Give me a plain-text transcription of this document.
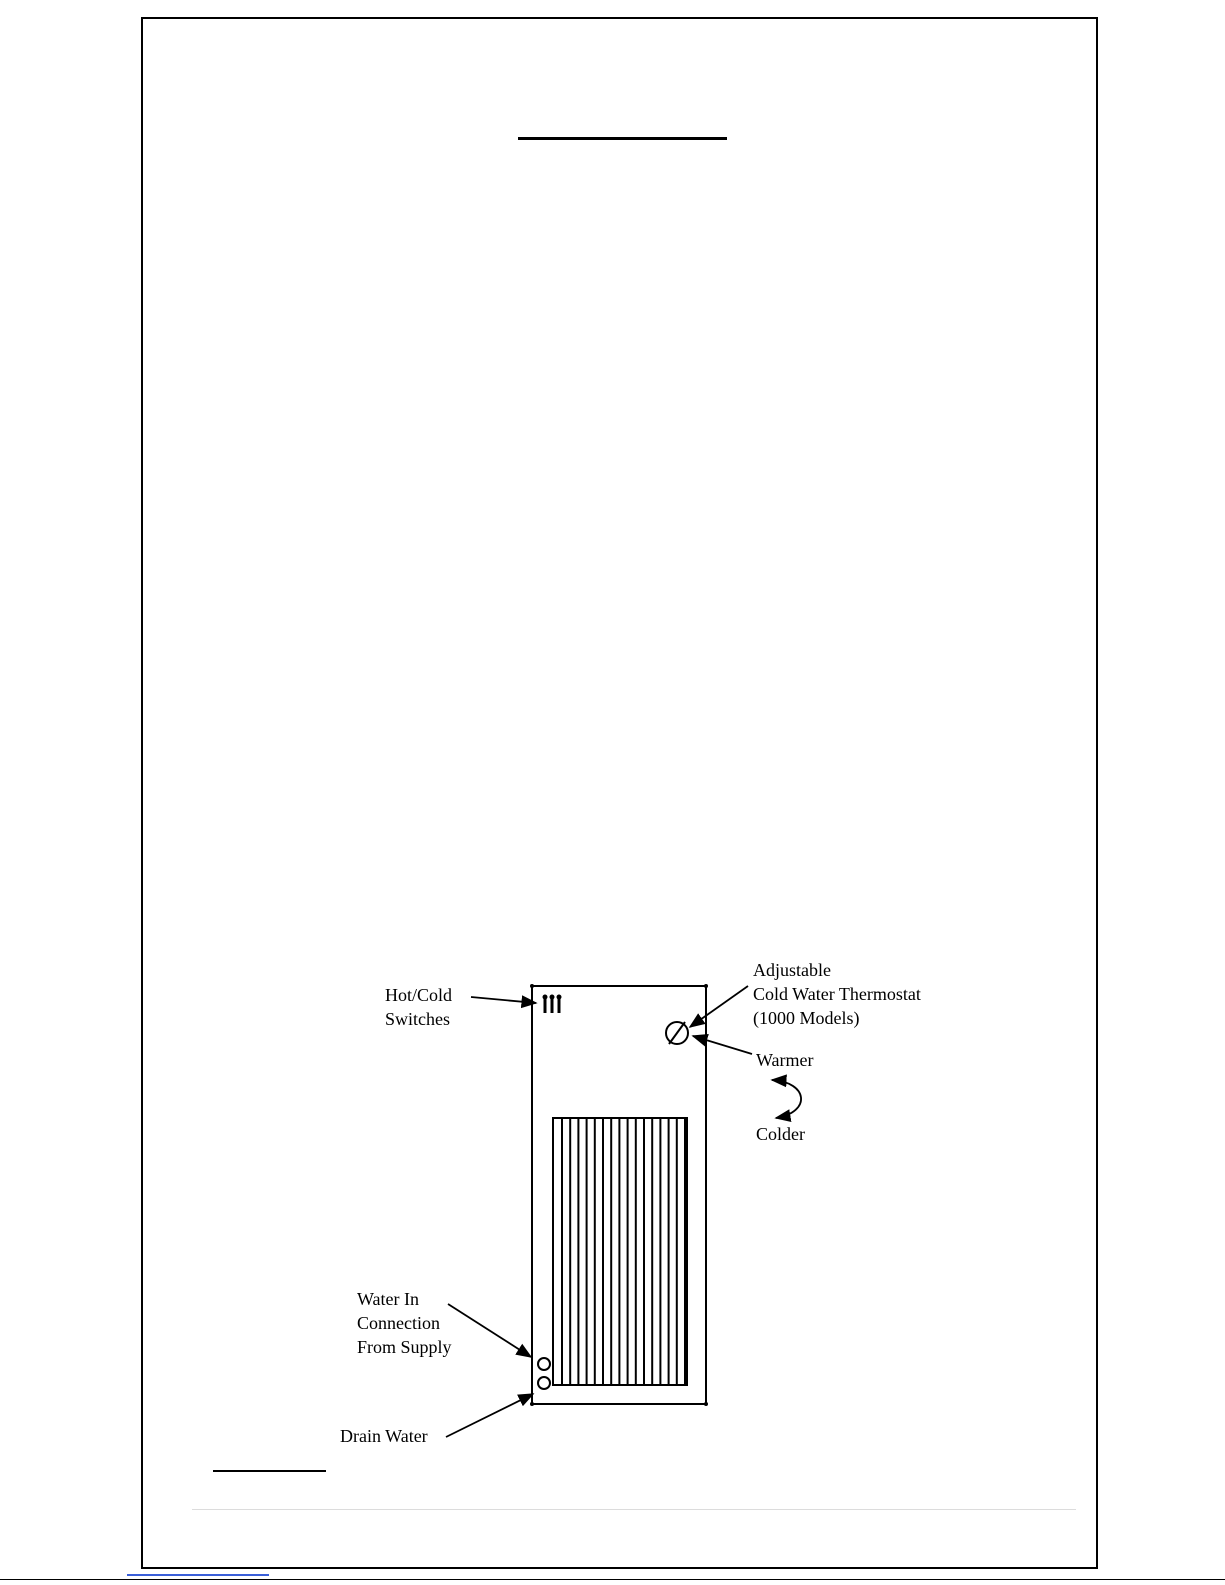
Hot/Cold Switches
Adjustable Cold Water Thermostat (1000 Models)
Warmer
Colder
Water In Connection From Supply
Drain Water
